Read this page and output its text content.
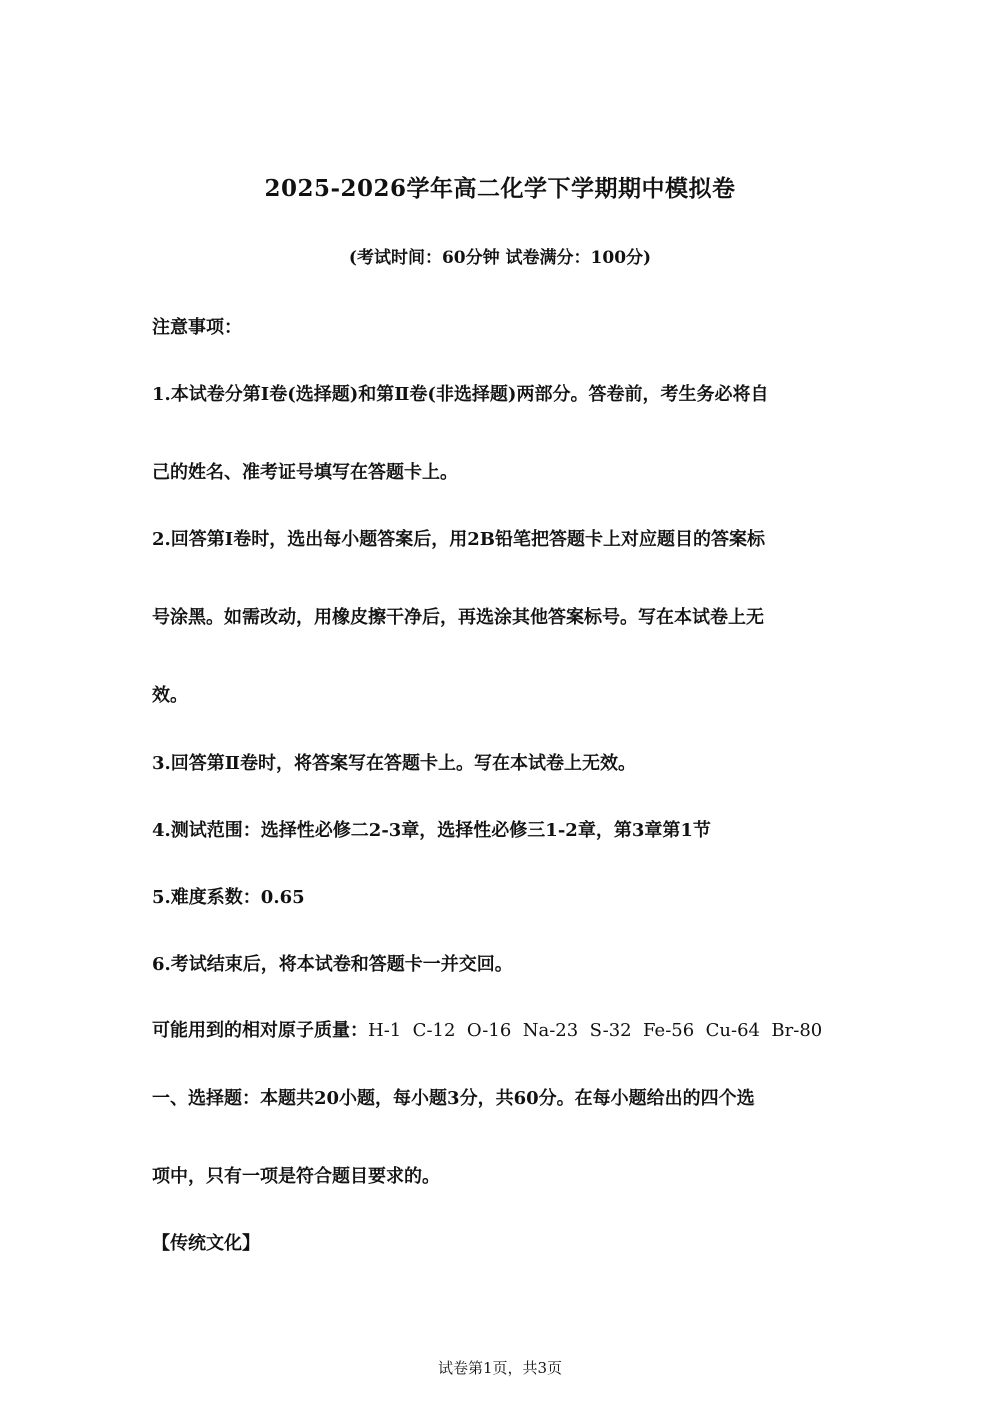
2025-2026学年高二化学下学期期中模拟卷
(考试时间：60分钟 试卷满分：100分)
注意事项：
1.本试卷分第Ⅰ卷(选择题)和第Ⅱ卷(非选择题)两部分。答卷前，考生务必将自
己的姓名、准考证号填写在答题卡上。
2.回答第Ⅰ卷时，选出每小题答案后，用2B铅笔把答题卡上对应题目的答案标
号涂黑。如需改动，用橡皮擦干净后，再选涂其他答案标号。写在本试卷上无
效。
3.回答第Ⅱ卷时，将答案写在答题卡上。写在本试卷上无效。
4.测试范围：选择性必修二2-3章，选择性必修三1-2章，第3章第1节
5.难度系数：0.65
6.考试结束后，将本试卷和答题卡一并交回。
可能用到的相对原子质量：H-1  C-12  O-16  Na-23  S-32  Fe-56  Cu-64  Br-80
一、选择题：本题共20小题，每小题3分，共60分。在每小题给出的四个选
项中，只有一项是符合题目要求的。
【传统文化】
试卷第1页，共3页
